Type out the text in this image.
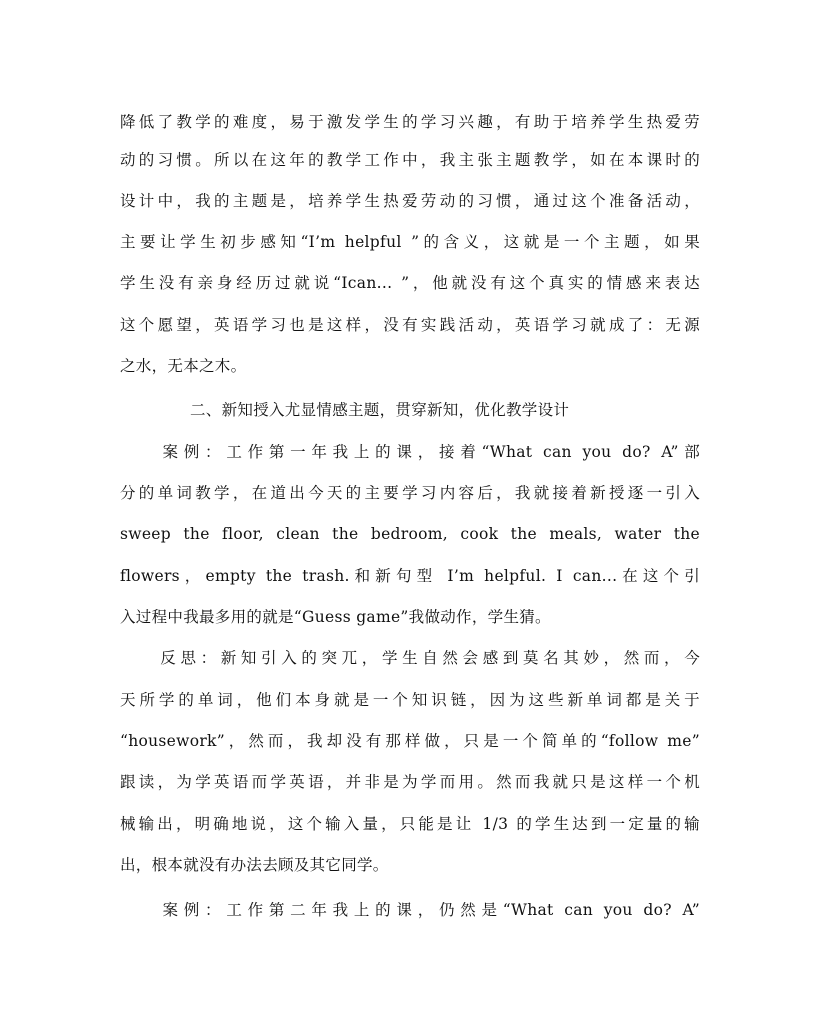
降低了教学的难度，易于激发学生的学习兴趣，有助于培养学生热爱劳
动的习惯。所以在这年的教学工作中，我主张主题教学，如在本课时的
设计中，我的主题是，培养学生热爱劳动的习惯，通过这个准备活动，
主要让学生初步感知“I’m helpful ”的含义，这就是一个主题，如果
学生没有亲身经历过就说“Ican... ”，他就没有这个真实的情感来表达
这个愿望，英语学习也是这样，没有实践活动，英语学习就成了：无源
之水，无本之木。
二、新知授入尤显情感主题，贯穿新知，优化教学设计
　　案例：工作第一年我上的课，接着“What can you do? A”部
分的单词教学，在道出今天的主要学习内容后，我就接着新授逐一引入
sweep the floor, clean the bedroom, cook the meals, water the
flowers，empty the trash.和新句型 I’m helpful. I can...在这个引
入过程中我最多用的就是“Guess game”我做动作，学生猜。
　　反思：新知引入的突兀，学生自然会感到莫名其妙，然而，今
天所学的单词，他们本身就是一个知识链，因为这些新单词都是关于
“housework”，然而，我却没有那样做，只是一个简单的“follow me”
跟读，为学英语而学英语，并非是为学而用。然而我就只是这样一个机
械输出，明确地说，这个输入量，只能是让 1/3 的学生达到一定量的输
出，根本就没有办法去顾及其它同学。
　　案例：工作第二年我上的课，仍然是“What can you do? A”
